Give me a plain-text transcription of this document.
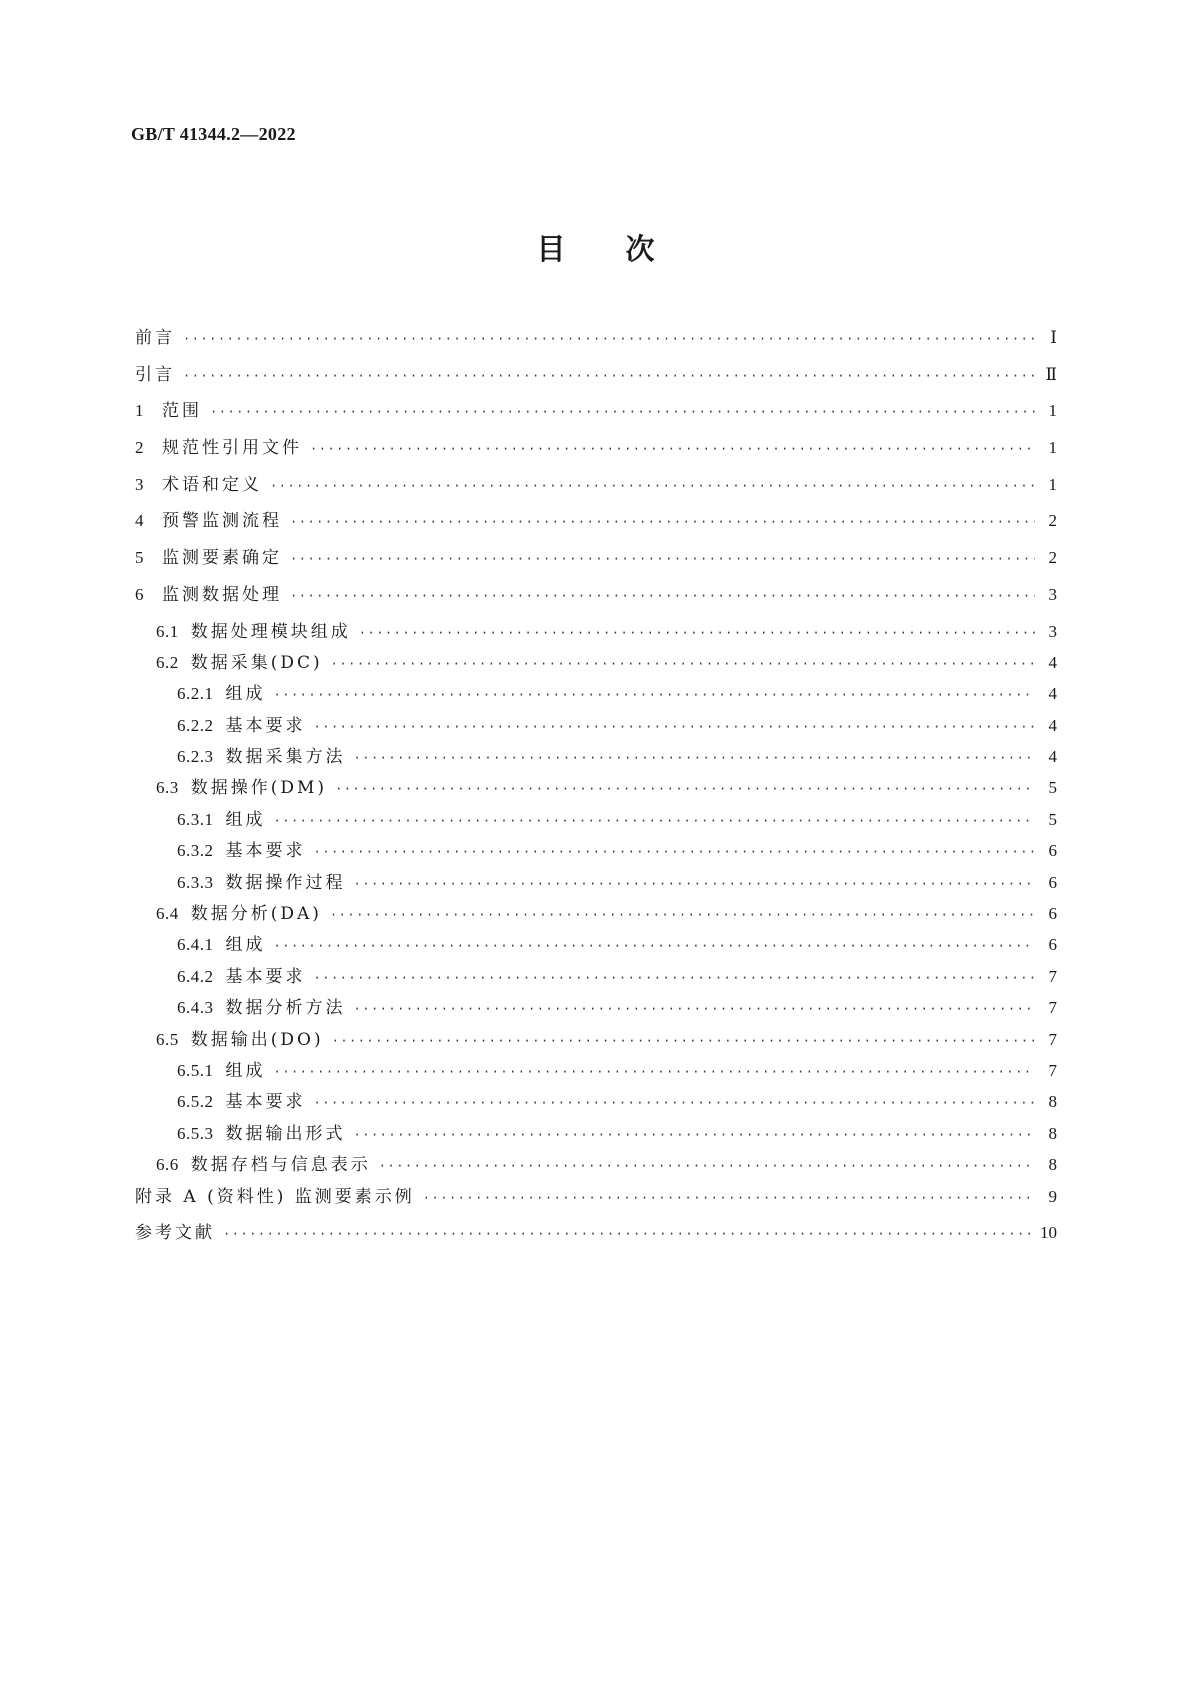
GB/T 41344.2—2022
目次
前言 ·····	Ⅰ
引言 ·····	Ⅱ
1 范围 ·····	1
2 规范性引用文件 ·····	1
3 术语和定义 ·····	1
4 预警监测流程 ·····	2
5 监测要素确定 ·····	2
6 监测数据处理 ·····	3
6.1 数据处理模块组成 ·····	3
6.2 数据采集(DC) ·····	4
6.2.1 组成 ·····	4
6.2.2 基本要求 ·····	4
6.2.3 数据采集方法 ·····	4
6.3 数据操作(DM) ·····	5
6.3.1 组成 ·····	5
6.3.2 基本要求 ·····	6
6.3.3 数据操作过程 ·····	6
6.4 数据分析(DA) ·····	6
6.4.1 组成 ·····	6
6.4.2 基本要求 ·····	7
6.4.3 数据分析方法 ·····	7
6.5 数据输出(DO) ·····	7
6.5.1 组成 ·····	7
6.5.2 基本要求 ·····	8
6.5.3 数据输出形式 ·····	8
6.6 数据存档与信息表示 ·····	8
附录 A (资料性) 监测要素示例 ·····	9
参考文献 ·····	10
